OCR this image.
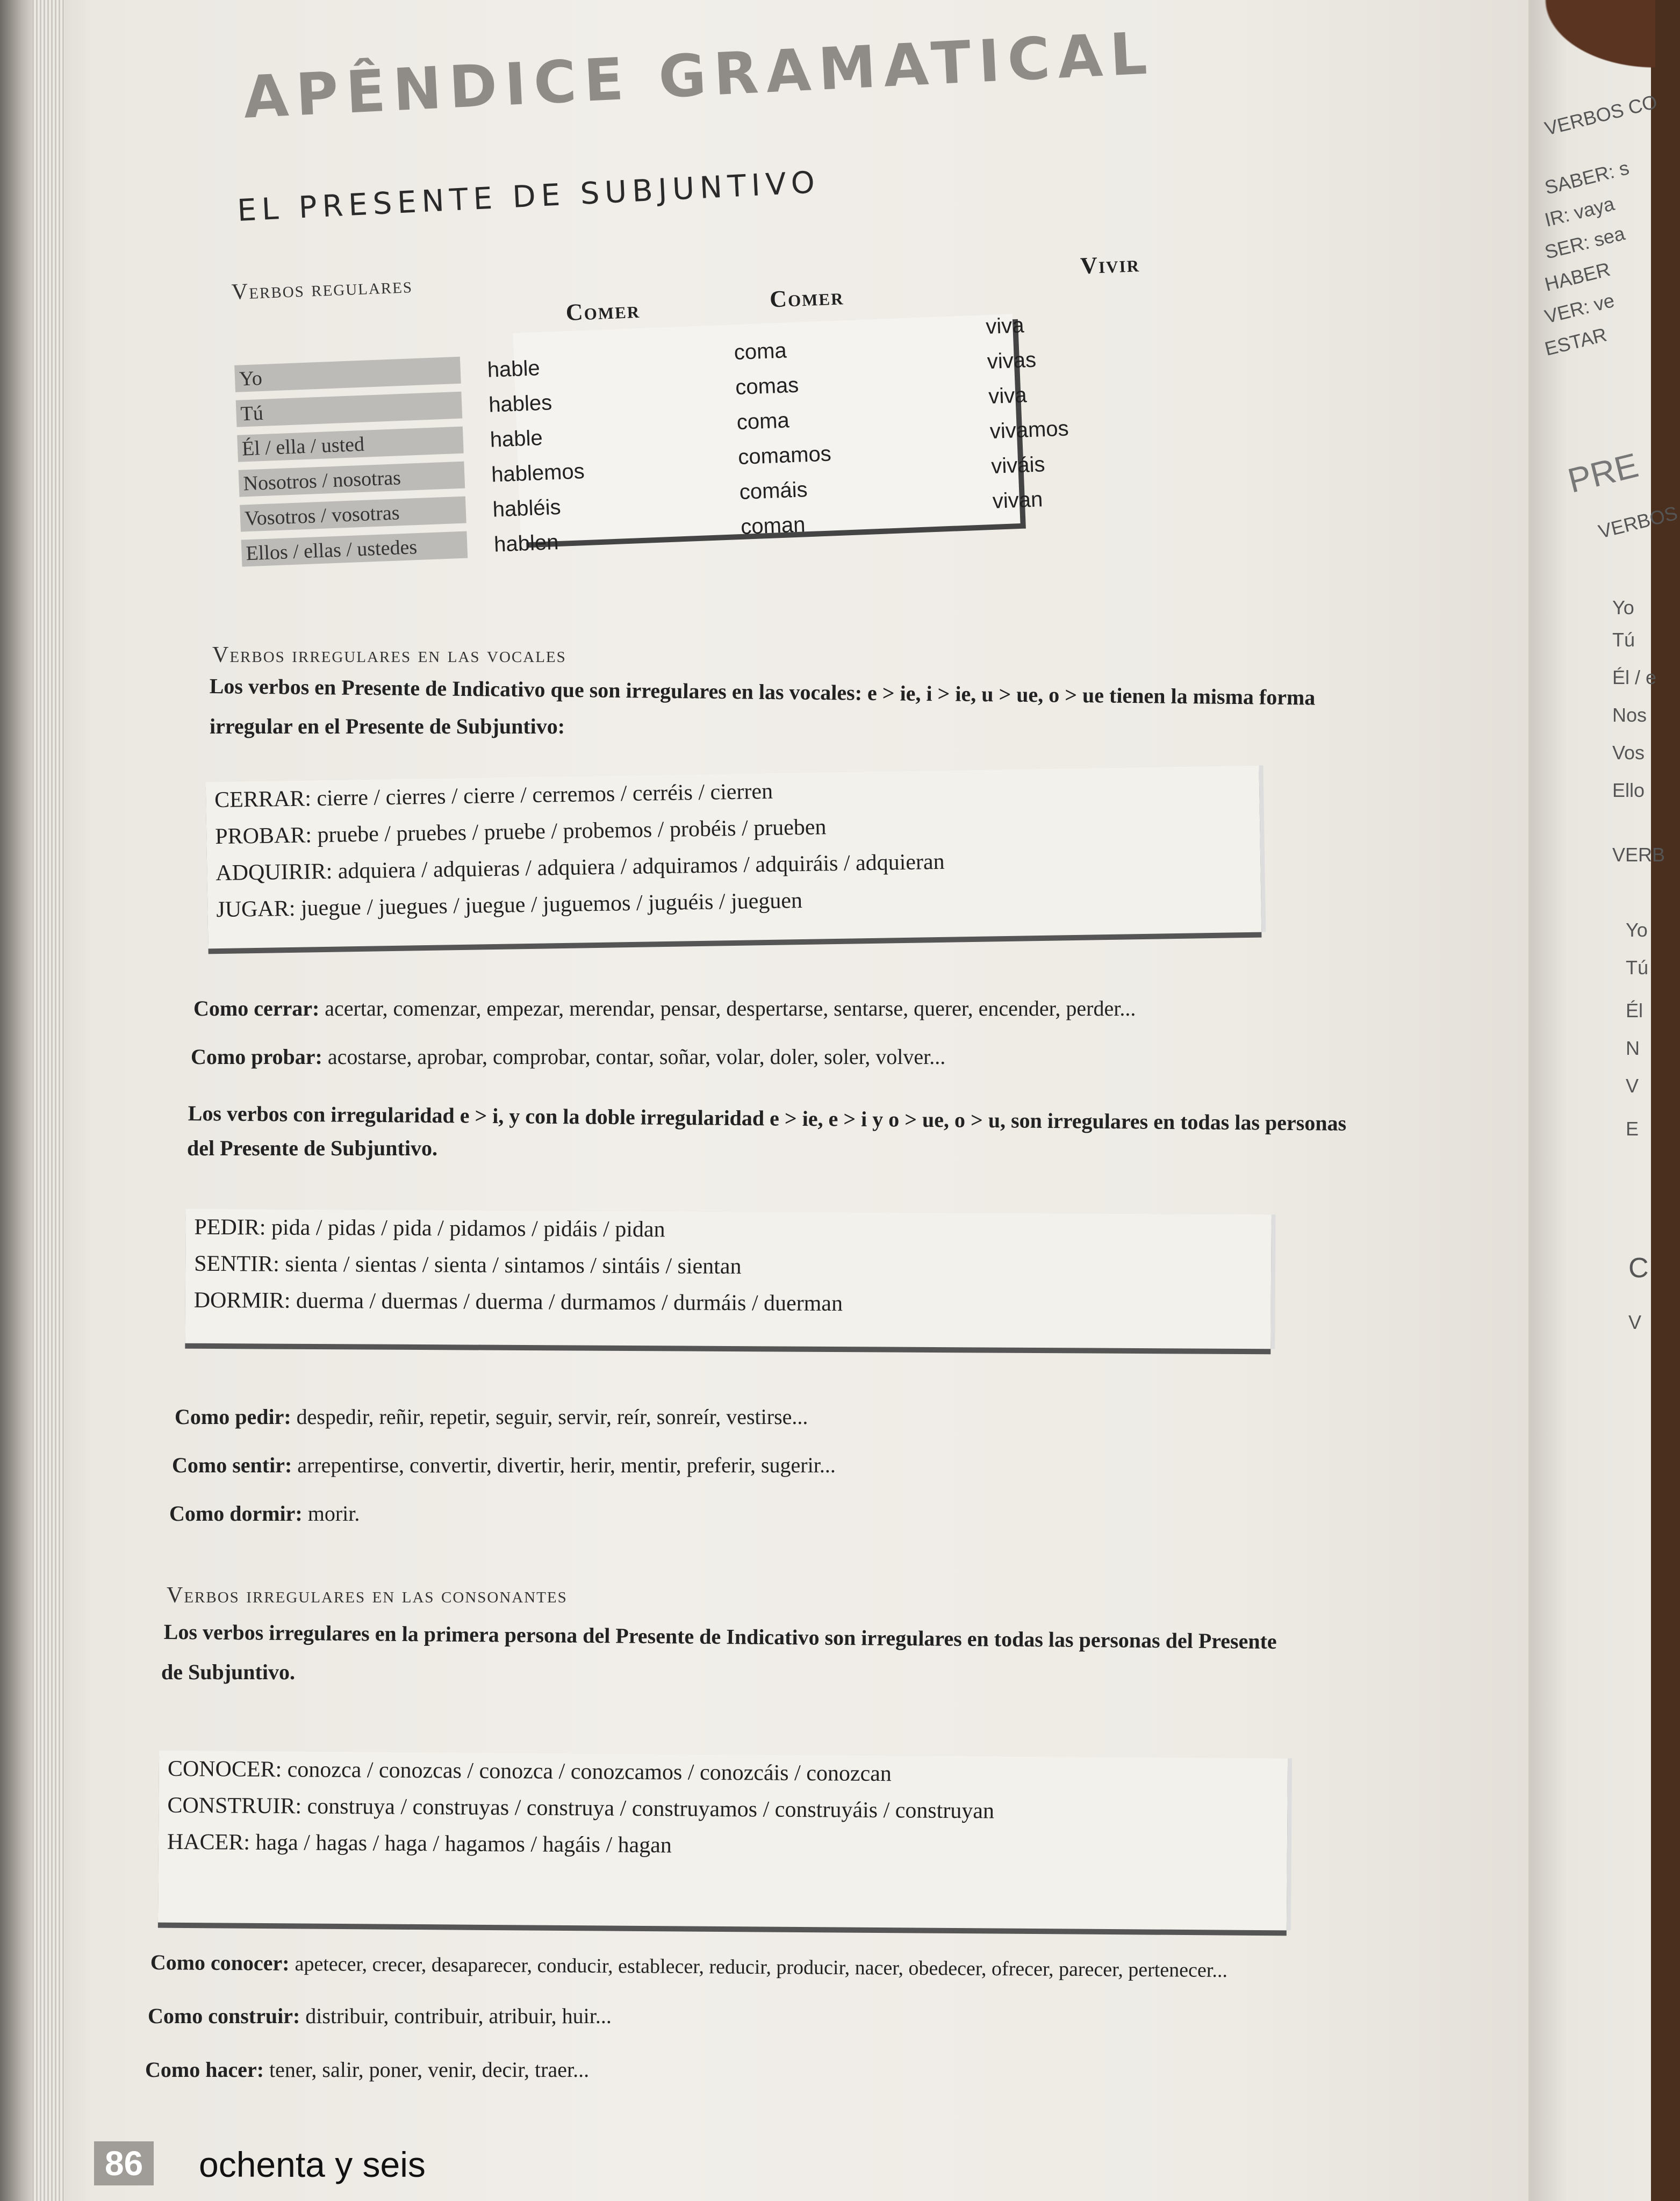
VERBOS CO
SABER: s
IR: vaya
SER: sea
HABER
VER: ve
ESTAR
PRE
VERBOS
Yo
Tú
Él / e
Nos
Vos
Ello
VERB
Yo
Tú
Él
N
V
E
C
V
APÊNDICE GRAMATICAL
EL PRESENTE DE SUBJUNTIVO
Verbos regulares
Comer
Vivir
Comer
Yo
Tú
Él / ella / usted
Nosotros / nosotras
Vosotros / vosotras
Ellos / ellas / ustedes
hable
hables
hable
hablemos
habléis
hablen
coma
comas
coma
comamos
comáis
coman
viva
vivas
viva
vivamos
viváis
vivan
Verbos irregulares en las vocales
Los verbos en Presente de Indicativo que son irregulares en las vocales: e > ie, i > ie, u > ue, o > ue tienen la misma forma
irregular en el Presente de Subjuntivo:
CERRAR: cierre / cierres / cierre / cerremos / cerréis / cierren
PROBAR: pruebe / pruebes / pruebe / probemos / probéis / prueben
ADQUIRIR: adquiera / adquieras / adquiera / adquiramos / adquiráis / adquieran
JUGAR: juegue / juegues / juegue / juguemos / juguéis / jueguen
Como cerrar: acertar, comenzar, empezar, merendar, pensar, despertarse, sentarse, querer, encender, perder...
Como probar: acostarse, aprobar, comprobar, contar, soñar, volar, doler, soler, volver...
Los verbos con irregularidad e > i, y con la doble irregularidad e > ie, e > i y o > ue, o > u, son irregulares en todas las personas
del Presente de Subjuntivo.
PEDIR: pida / pidas / pida / pidamos / pidáis / pidan
SENTIR: sienta / sientas / sienta / sintamos / sintáis / sientan
DORMIR: duerma / duermas / duerma / durmamos / durmáis / duerman
Como pedir: despedir, reñir, repetir, seguir, servir, reír, sonreír, vestirse...
Como sentir: arrepentirse, convertir, divertir, herir, mentir, preferir, sugerir...
Como dormir: morir.
Verbos irregulares en las consonantes
Los verbos irregulares en la primera persona del Presente de Indicativo son irregulares en todas las personas del Presente
de Subjuntivo.
CONOCER: conozca / conozcas / conozca / conozcamos / conozcáis / conozcan
CONSTRUIR: construya / construyas / construya / construyamos / construyáis / construyan
HACER: haga / hagas / haga / hagamos / hagáis / hagan
Como conocer: apetecer, crecer, desaparecer, conducir, establecer, reducir, producir, nacer, obedecer, ofrecer, parecer, pertenecer...
Como construir: distribuir, contribuir, atribuir, huir...
Como hacer: tener, salir, poner, venir, decir, traer...
86	ochenta y seis
